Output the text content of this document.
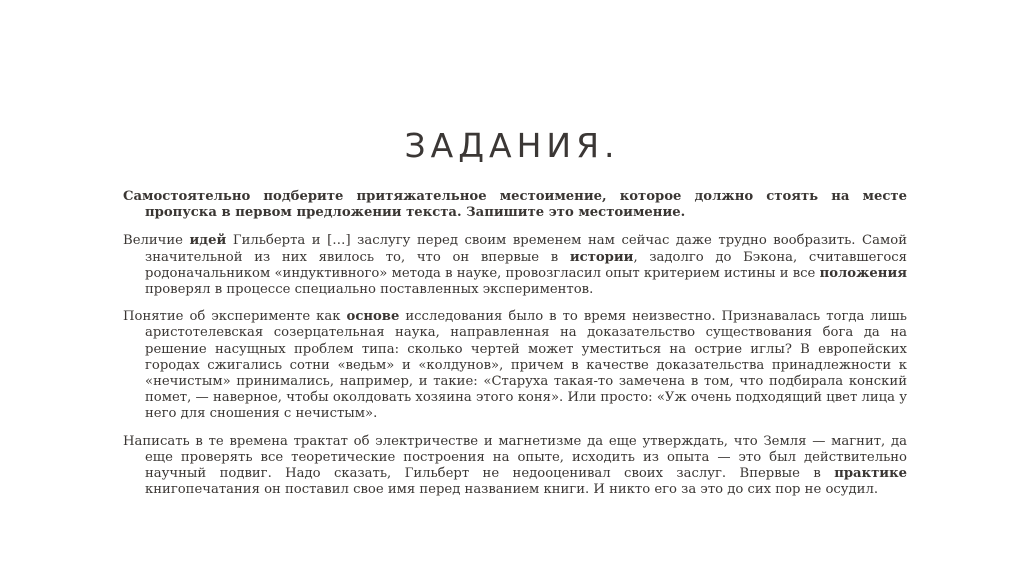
ЗАДАНИЯ.

Самостоятельно подберите притяжательное местоимение, которое должно стоять на месте пропуска в первом предложении текста. Запишите это местоимение.

Величие идей Гильберта и […] заслугу перед своим временем нам сейчас даже трудно вообразить. Самой значительной из них явилось то, что он впервые в истории, задолго до Бэкона, считавшегося родоначальником «индуктивного» метода в науке, провозгласил опыт критерием истины и все положения проверял в процессе специально поставленных экспериментов.

Понятие об эксперименте как основе исследования было в то время неизвестно. Признавалась тогда лишь аристотелевская созерцательная наука, направленная на доказательство существования бога да на решение насущных проблем типа: сколько чертей может уместиться на острие иглы? В европейских городах сжигались сотни «ведьм» и «колдунов», причем в качестве доказательства принадлежности к «нечистым» принимались, например, и такие: «Старуха такая-то замечена в том, что подбирала конский помет, — наверное, чтобы околдовать хозяина этого коня». Или просто: «Уж очень подходящий цвет лица у него для сношения с нечистым».

Написать в те времена трактат об электричестве и магнетизме да еще утверждать, что Земля — магнит, да еще проверять все теоретические построения на опыте, исходить из опыта — это был действительно научный подвиг. Надо сказать, Гильберт не недооценивал своих заслуг. Впервые в практике книгопечатания он поставил свое имя перед названием книги. И никто его за это до сих пор не осудил.
